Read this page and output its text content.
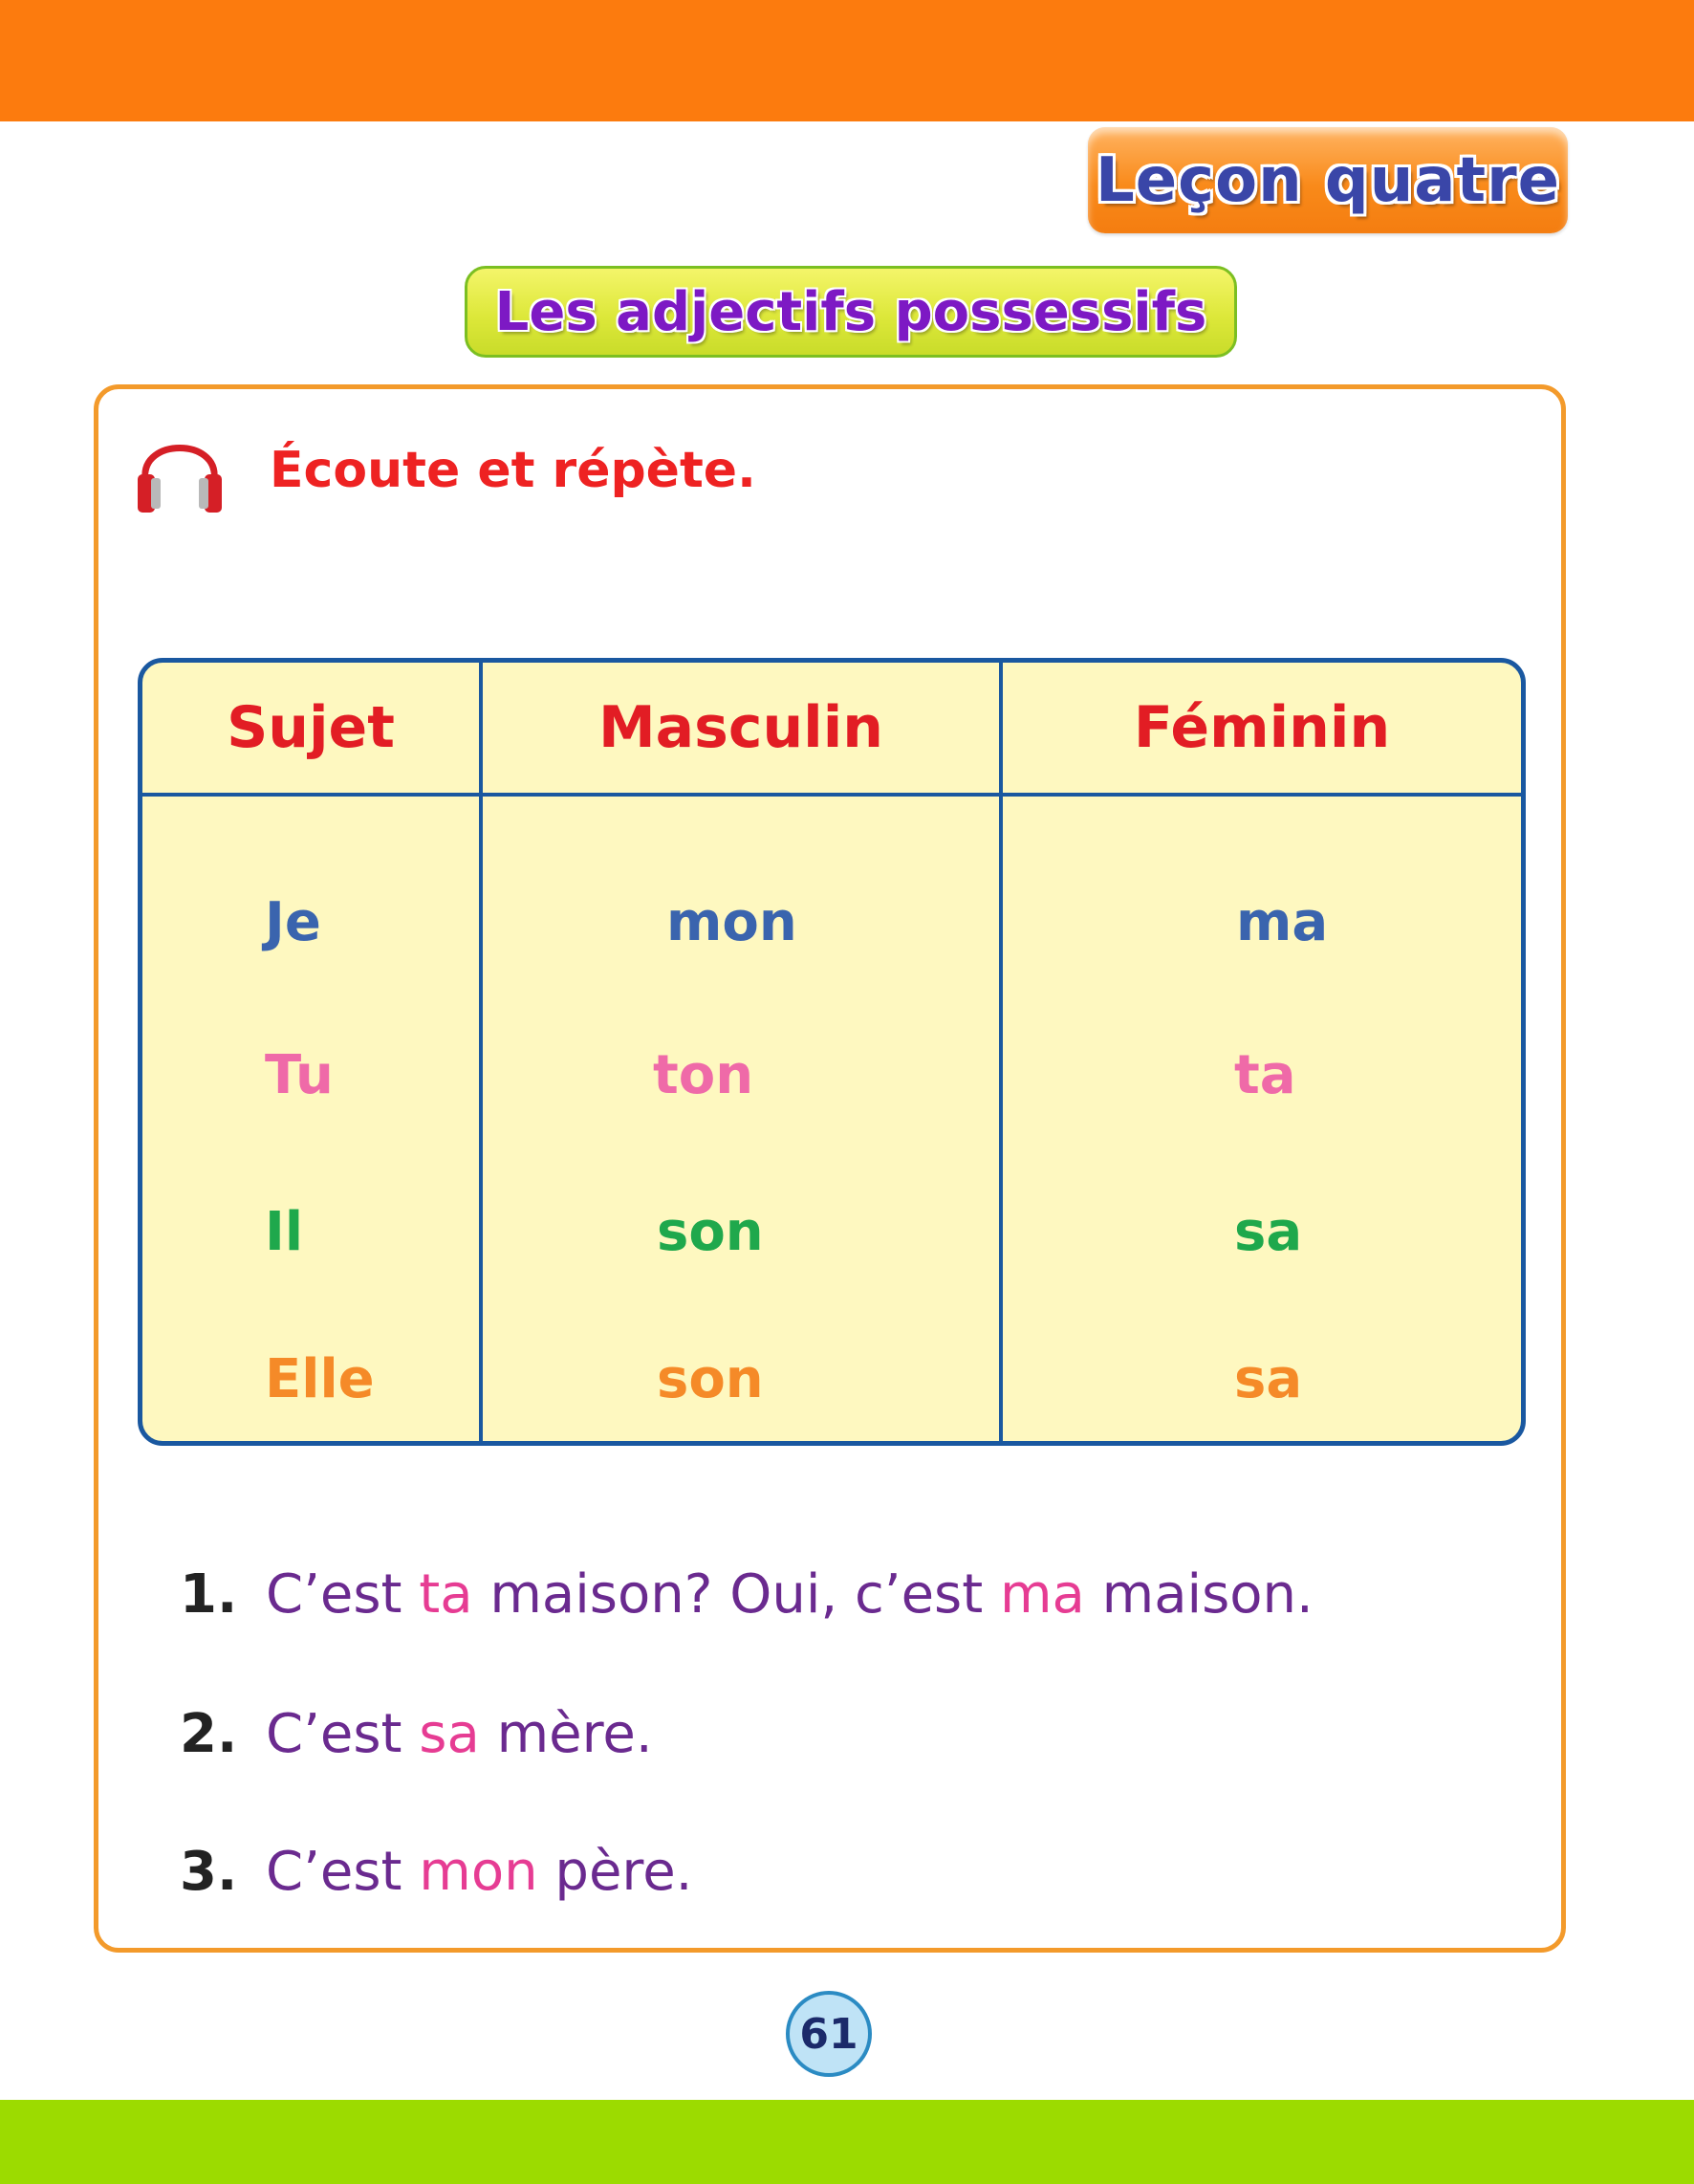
Leçon quatre
Les adjectifs possessifs
Écoute et répète.
Sujet	Masculin	Féminin
Je	mon	ma
Tu	ton	ta
Il	son	sa
Elle	son	sa
1. C’est ta maison? Oui, c’est ma maison.
2. C’est sa mère.
3. C’est mon père.
61
